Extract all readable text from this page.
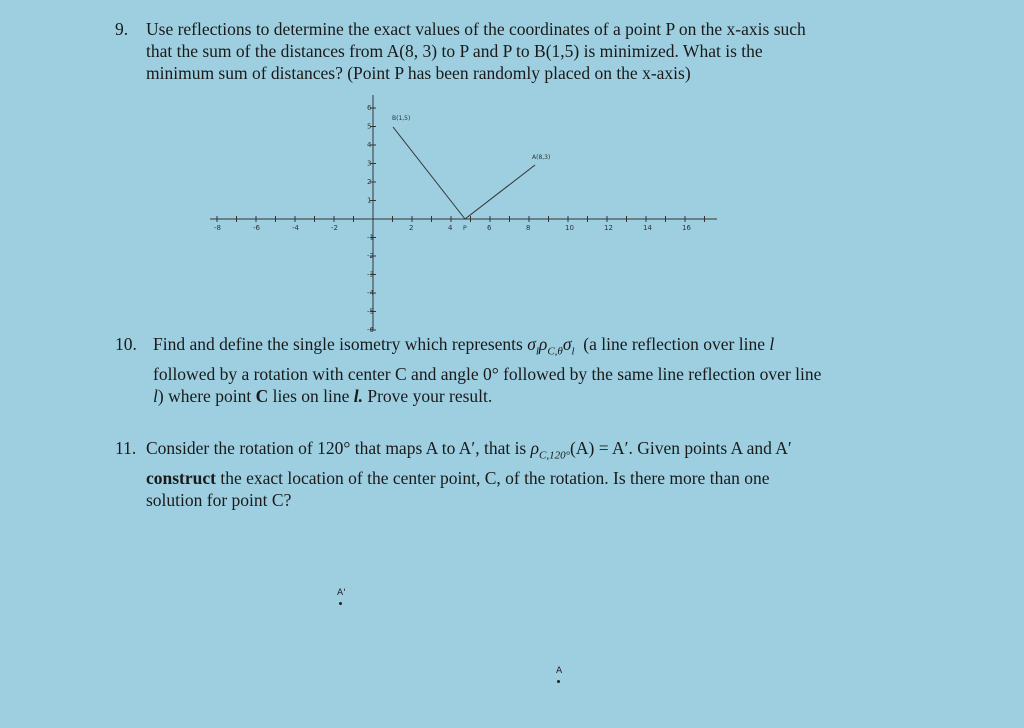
9. Use reflections to determine the exact values of the coordinates of a point P on the x-axis such
that the sum of the distances from A(8, 3) to P and P to B(1,5) is minimized. What is the
minimum sum of distances? (Point P has been randomly placed on the x-axis)
-8	-6	-4	-2	2	4	6	8	10	12	14	16
6
5
4
3
2
1
-1
-2
-3
-4
-5
-6
B(1,5)
A(8,3)
P
10. Find and define the single isometry which represents $\sigma_l\rho_{C,\theta}\sigma_l$ (a line reflection over line l
followed by a rotation with center C and angle 0° followed by the same line reflection over line
l) where point C lies on line l. Prove your result.
11. Consider the rotation of 120° that maps A to A′, that is $\rho_{C,120^\circ}(A) = A'$. Given points A and A′
construct the exact location of the center point, C, of the rotation. Is there more than one
solution for point C?
A'
A
